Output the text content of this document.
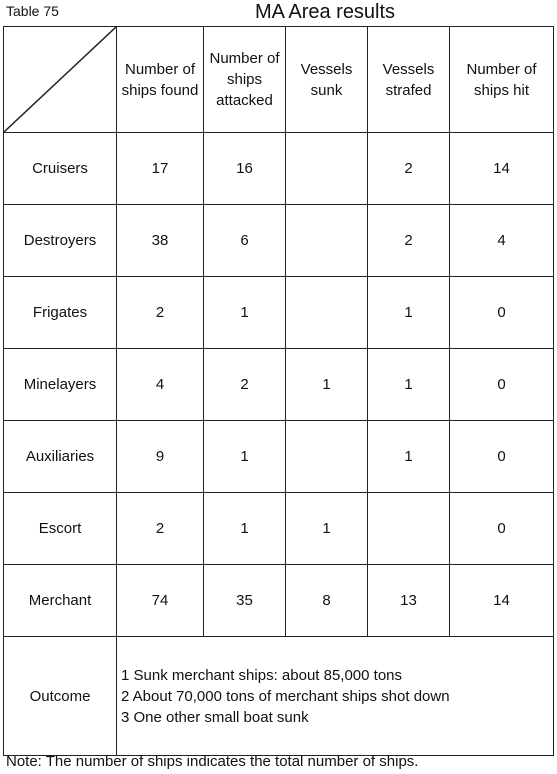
Table 75	MA Area results
	Number of ships found	Number of ships attacked	Vessels sunk	Vessels strafed	Number of ships hit
Cruisers	17	16		2	14
Destroyers	38	6		2	4
Frigates	2	1		1	0
Minelayers	4	2	1	1	0
Auxiliaries	9	1		1	0
Escort	2	1	1		0
Merchant	74	35	8	13	14
Outcome	1 Sunk merchant ships: about 85,000 tons
2 About 70,000 tons of merchant ships shot down
3 One other small boat sunk				
Note: The number of ships indicates the total number of ships.
